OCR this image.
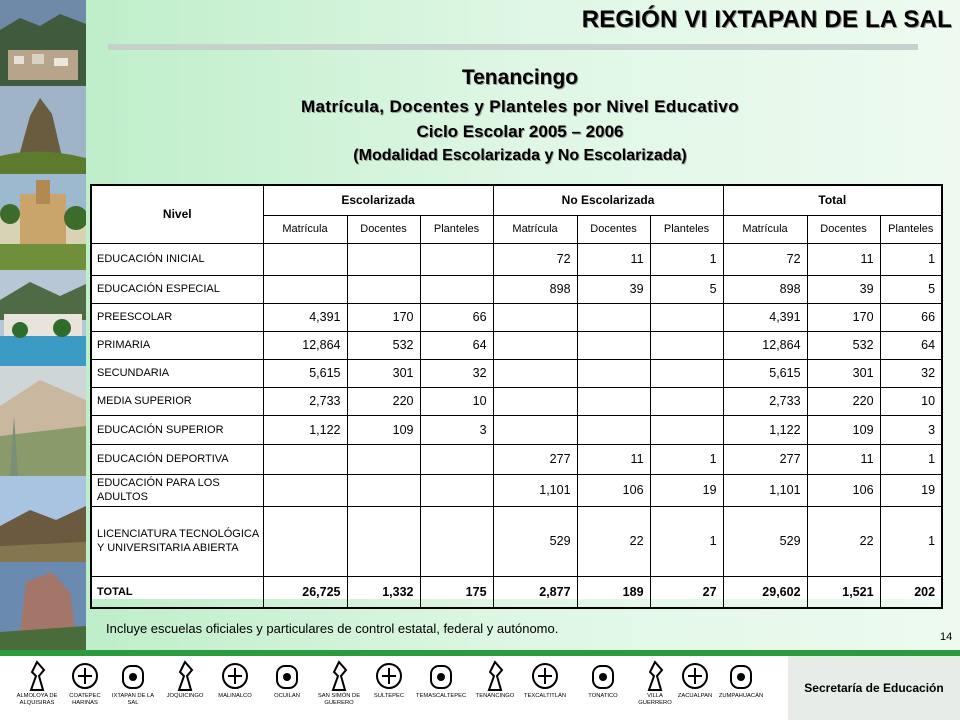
REGIÓN VI IXTAPAN DE LA SAL
Tenancingo
Matrícula, Docentes y Planteles por Nivel Educativo
Ciclo Escolar 2005 – 2006
(Modalidad Escolarizada y No Escolarizada)
Nivel	Escolarizada			No Escolarizada			Total		
	Matrícula	Docentes	Planteles	Matrícula	Docentes	Planteles	Matrícula	Docentes	Planteles
EDUCACIÓN INICIAL				72	11	1	72	11	1
EDUCACIÓN ESPECIAL				898	39	5	898	39	5
PREESCOLAR	4,391	170	66				4,391	170	66
PRIMARIA	12,864	532	64				12,864	532	64
SECUNDARIA	5,615	301	32				5,615	301	32
MEDIA SUPERIOR	2,733	220	10				2,733	220	10
EDUCACIÓN SUPERIOR	1,122	109	3				1,122	109	3
EDUCACIÓN DEPORTIVA				277	11	1	277	11	1
EDUCACIÓN PARA LOS ADULTOS				1,101	106	19	1,101	106	19
LICENCIATURA TECNOLÓGICA Y UNIVERSITARIA ABIERTA				529	22	1	529	22	1
TOTAL	26,725	1,332	175	2,877	189	27	29,602	1,521	202
Incluye escuelas oficiales y particulares de control estatal, federal y autónomo.
14
ALMOLOYA DE ALQUISIRAS
COATEPEC HARINAS
IXTAPAN DE LA SAL
JOQUICINGO	MALINALCO	OCUILAN	SAN SIMÓN DE GUERERO
SULTEPEC	TEMASCALTEPEC	TENANCINGO	TEXCALTITLÁN	TONATICO	VILLA GUERRERO
ZACUALPAN	ZUMPAHUACÁN
Secretaría de Educación
